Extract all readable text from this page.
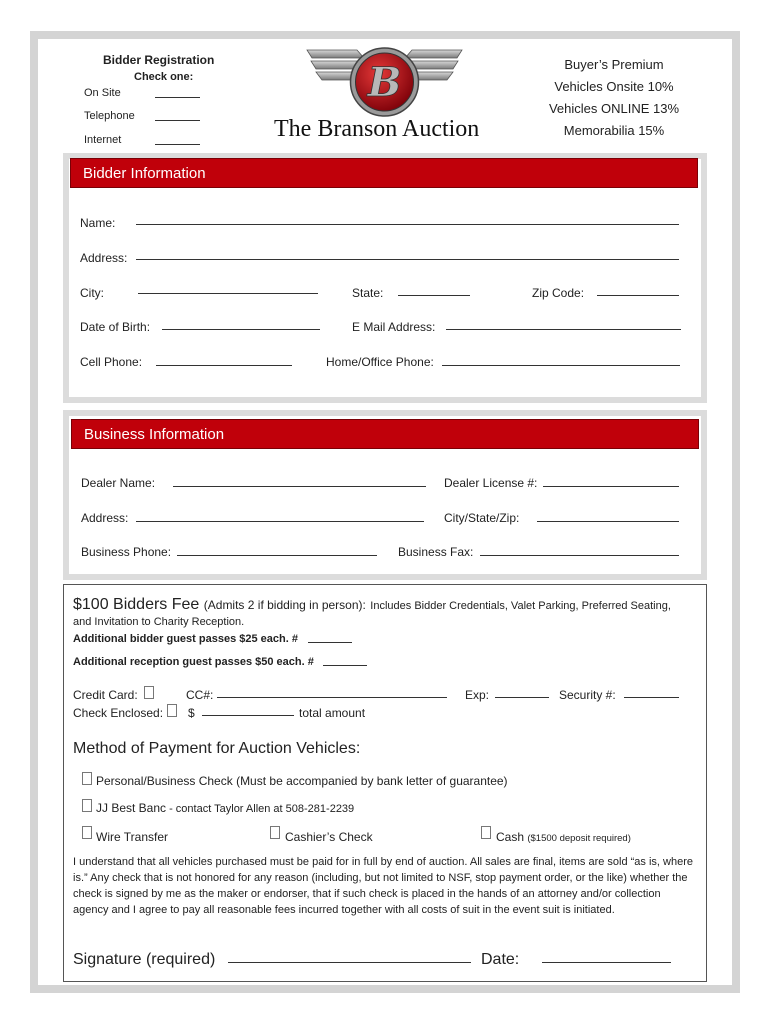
Bidder Registration
Check one:
On Site
Telephone
Internet
B
The Branson Auction
Buyer’s Premium
Vehicles Onsite 10%
Vehicles ONLINE 13%
Memorabilia 15%
Bidder Information
Name:
Address:
City:	State:	Zip Code:
Date of Birth:	E Mail Address:
Cell Phone:	Home/Office Phone:
Business Information
Dealer Name:	Dealer License #:
Address:	City/State/Zip:
Business Phone:	Business Fax:
$100 Bidders Fee (Admits 2 if bidding in person): Includes Bidder Credentials, Valet Parking, Preferred Seating,
and Invitation to Charity Reception.
Additional bidder guest passes $25 each. #
Additional reception guest passes $50 each. #
Credit Card:	CC#:	Exp:	Security #:
Check Enclosed: $	total amount
Method of Payment for Auction Vehicles:
Personal/Business Check (Must be accompanied by bank letter of guarantee)
JJ Best Banc - contact Taylor Allen at 508-281-2239
Wire Transfer	Cashier’s Check	Cash ($1500 deposit required)
I understand that all vehicles purchased must be paid for in full by end of auction. All sales are final, items are sold “as is, where is.” Any check that is not honored for any reason (including, but not limited to NSF, stop payment order, or the like) whether the check is signed by me as the maker or endorser, that if such check is placed in the hands of an attorney and/or collection agency and I agree to pay all reasonable fees incurred together with all costs of suit in the event suit is initiated.
Signature (required)	Date:
